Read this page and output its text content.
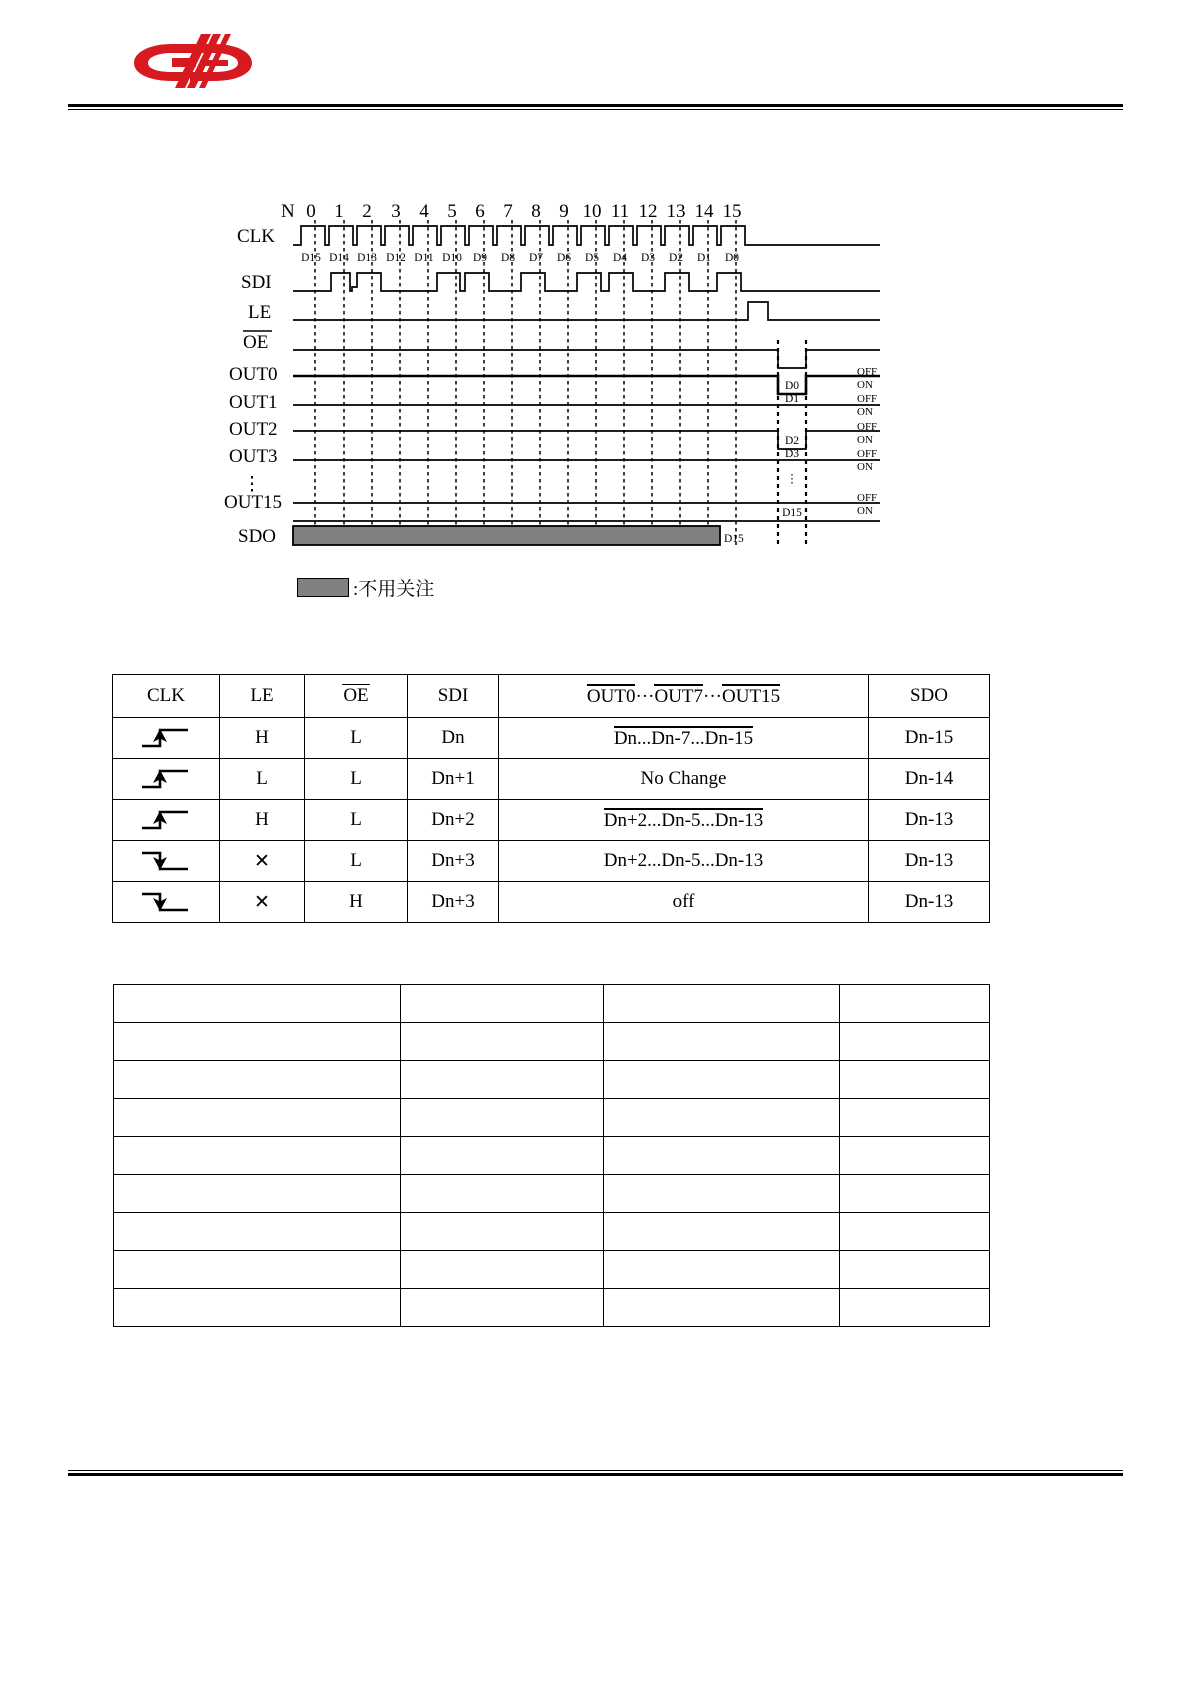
N 0 1 2 3 4 5 6 7 8 9 10 11 12 13 14 15
CLK
SDI
D15 D14 D13 D12 D11 D10 D9 D8 D7 D6 D5 D4 D3 D2 D1 D0
LE
OE
OUT0
D0
OFF
ON
OUT1	D1	OFF
ON
OUT2
D2
OFF
ON
OUT3	D3	OFF
ON
⋮	⋮
OUT15	D15
OFF
ON
SDO	D15
:不用关注
CLK	LE	OE	SDI	OUT0···OUT7···OUT15	SDO

	H	L	Dn	Dn...Dn-7...Dn-15	Dn-15

	L	L	Dn+1	No Change	Dn-14

	H	L	Dn+2	Dn+2...Dn-5...Dn-13	Dn-13

	✕	L	Dn+3	Dn+2...Dn-5...Dn-13	Dn-13

	✕	H	Dn+3	off	Dn-13
